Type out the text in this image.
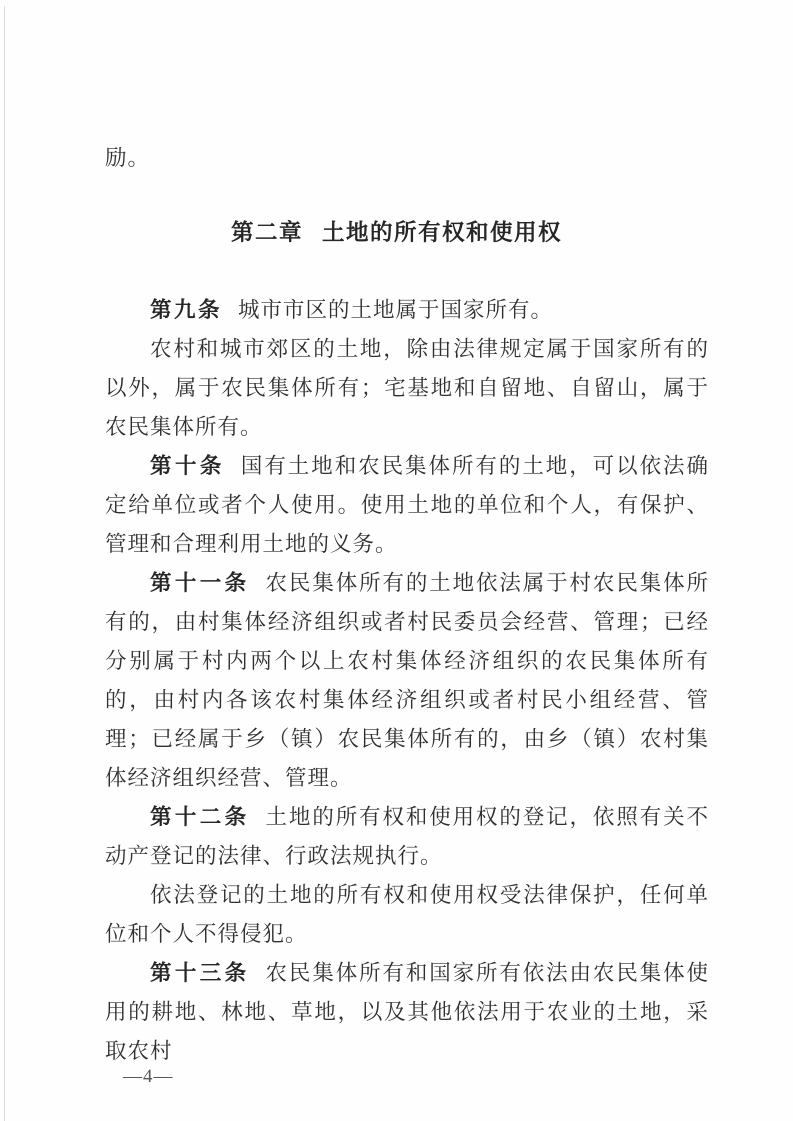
励。
第二章 土地的所有权和使用权

第九条 城市市区的土地属于国家所有。

农村和城市郊区的土地，除由法律规定属于国家所有的以外，属于农民集体所有；宅基地和自留地、自留山，属于农民集体所有。

第十条 国有土地和农民集体所有的土地，可以依法确定给单位或者个人使用。使用土地的单位和个人，有保护、管理和合理利用土地的义务。

第十一条 农民集体所有的土地依法属于村农民集体所有的，由村集体经济组织或者村民委员会经营、管理；已经分别属于村内两个以上农村集体经济组织的农民集体所有的，由村内各该农村集体经济组织或者村民小组经营、管理；已经属于乡（镇）农民集体所有的，由乡（镇）农村集体经济组织经营、管理。

第十二条 土地的所有权和使用权的登记，依照有关不动产登记的法律、行政法规执行。

依法登记的土地的所有权和使用权受法律保护，任何单位和个人不得侵犯。

第十三条 农民集体所有和国家所有依法由农民集体使用的耕地、林地、草地，以及其他依法用于农业的土地，采取农村

—4—
